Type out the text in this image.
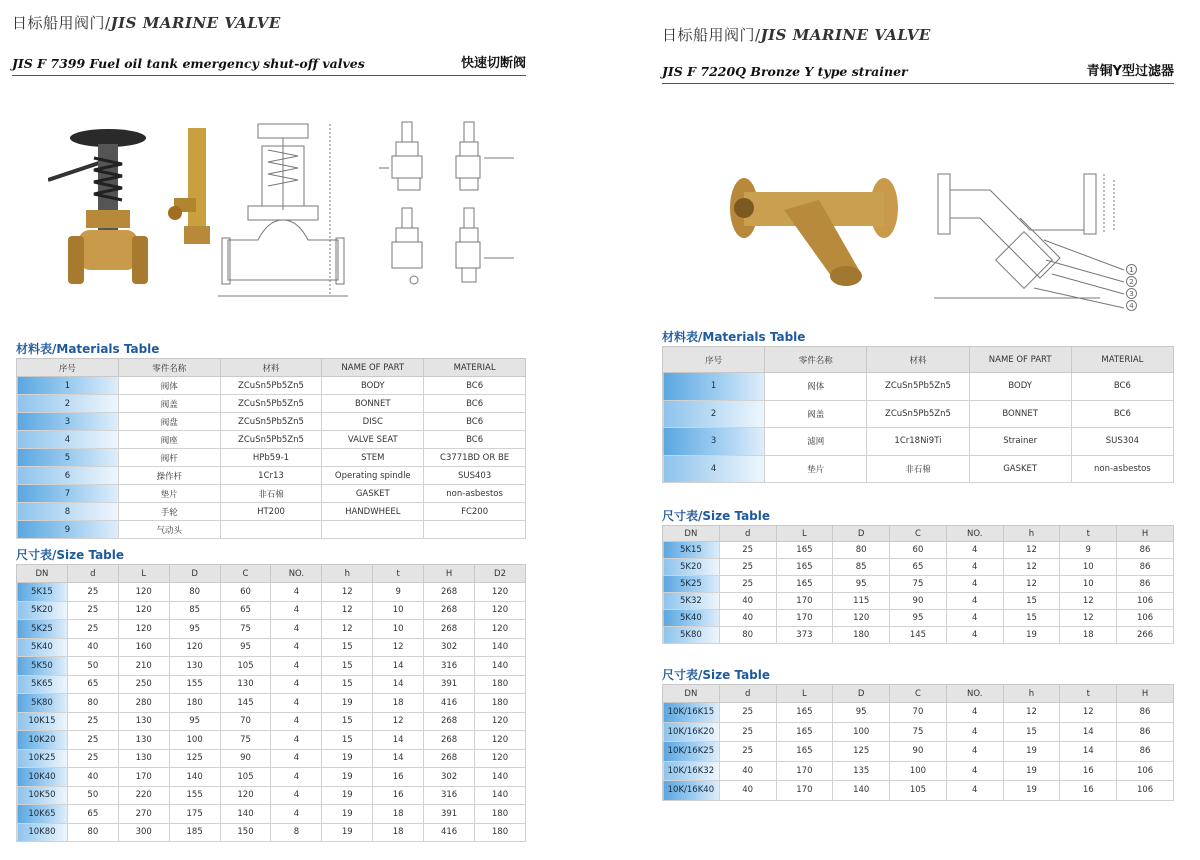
日标船用阀门/JIS MARINE VALVE
JIS F 7399 Fuel oil tank emergency shut-off valves	快速切断阀
材料表/Materials Table
序号	零件名称	材料	NAME OF PART	MATERIAL
1	阀体	ZCuSn5Pb5Zn5	BODY	BC6
2	阀盖	ZCuSn5Pb5Zn5	BONNET	BC6
3	阀盘	ZCuSn5Pb5Zn5	DISC	BC6
4	阀座	ZCuSn5Pb5Zn5	VALVE SEAT	BC6
5	阀杆	HPb59-1	STEM	C3771BD OR BE
6	操作杆	1Cr13	Operating spindle	SUS403
7	垫片	非石棉	GASKET	non-asbestos
8	手轮	HT200	HANDWHEEL	FC200
9	气动头			
尺寸表/Size Table
DN	d	L	D	C	NO.	h	t	H	D2
5K15	25	120	80	60	4	12	9	268	120
5K20	25	120	85	65	4	12	10	268	120
5K25	25	120	95	75	4	12	10	268	120
5K40	40	160	120	95	4	15	12	302	140
5K50	50	210	130	105	4	15	14	316	140
5K65	65	250	155	130	4	15	14	391	180
5K80	80	280	180	145	4	19	18	416	180
10K15	25	130	95	70	4	15	12	268	120
10K20	25	130	100	75	4	15	14	268	120
10K25	25	130	125	90	4	19	14	268	120
10K40	40	170	140	105	4	19	16	302	140
10K50	50	220	155	120	4	19	16	316	140
10K65	65	270	175	140	4	19	18	391	180
10K80	80	300	185	150	8	19	18	416	180
日标船用阀门/JIS MARINE VALVE
JIS F 7220Q Bronze Y type strainer	青铜Y型过滤器
1
2
3
4
材料表/Materials Table
序号	零件名称	材料	NAME OF PART	MATERIAL
1	阀体	ZCuSn5Pb5Zn5	BODY	BC6
2	阀盖	ZCuSn5Pb5Zn5	BONNET	BC6
3	滤网	1Cr18Ni9Ti	Strainer	SUS304
4	垫片	非石棉	GASKET	non-asbestos
尺寸表/Size Table
DN	d	L	D	C	NO.	h	t	H
5K15	25	165	80	60	4	12	9	86
5K20	25	165	85	65	4	12	10	86
5K25	25	165	95	75	4	12	10	86
5K32	40	170	115	90	4	15	12	106
5K40	40	170	120	95	4	15	12	106
5K80	80	373	180	145	4	19	18	266
尺寸表/Size Table
DN	d	L	D	C	NO.	h	t	H
10K/16K15	25	165	95	70	4	12	12	86
10K/16K20	25	165	100	75	4	15	14	86
10K/16K25	25	165	125	90	4	19	14	86
10K/16K32	40	170	135	100	4	19	16	106
10K/16K40	40	170	140	105	4	19	16	106
